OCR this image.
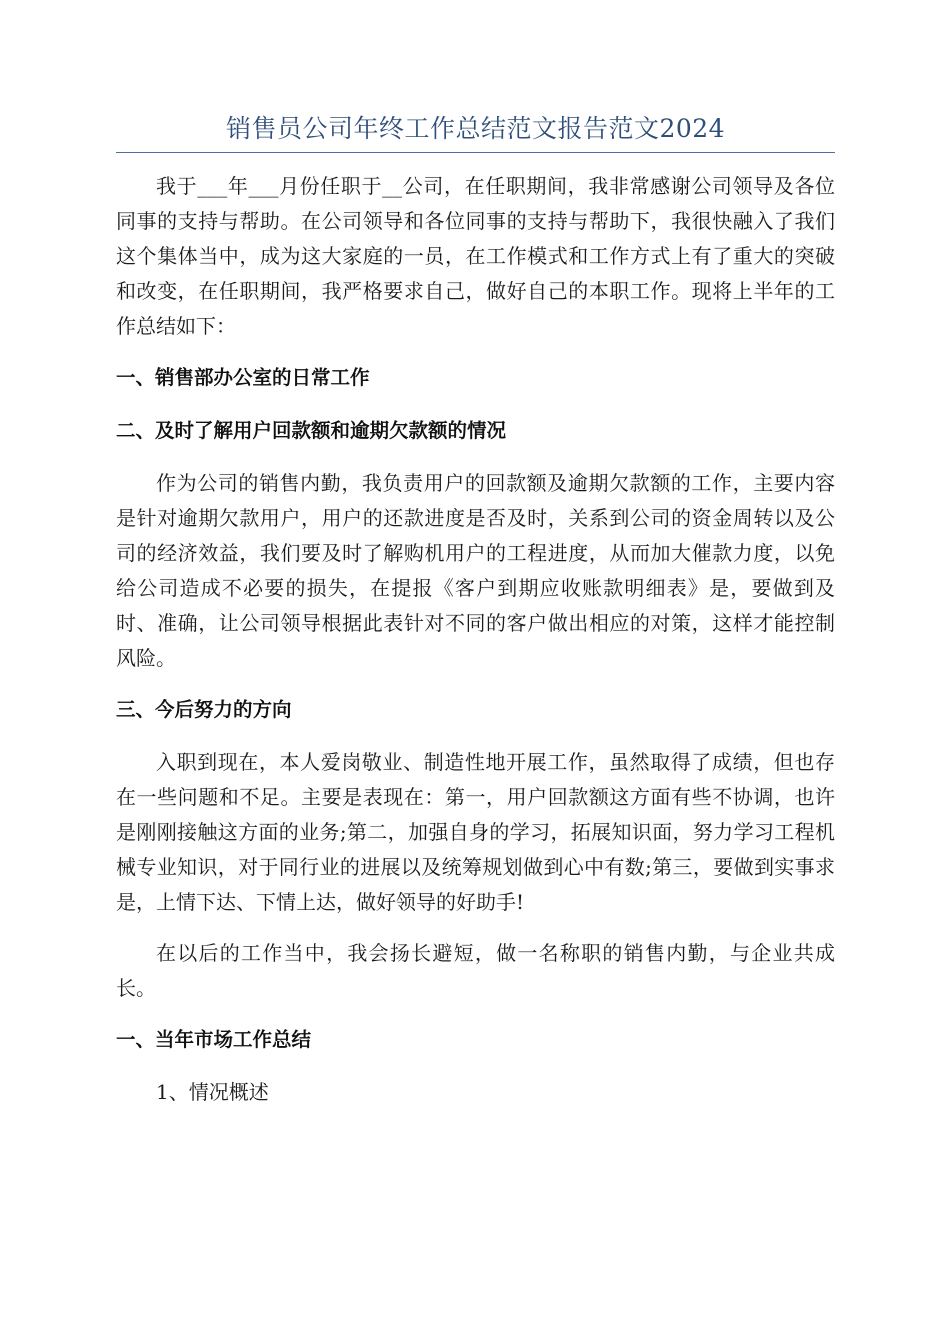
销售员公司年终工作总结范文报告范文2024

我于___年___月份任职于__公司，在任职期间，我非常感谢公司领导及各位同事的支持与帮助。在公司领导和各位同事的支持与帮助下，我很快融入了我们这个集体当中，成为这大家庭的一员，在工作模式和工作方式上有了重大的突破和改变，在任职期间，我严格要求自己，做好自己的本职工作。现将上半年的工作总结如下：

一、销售部办公室的日常工作
二、及时了解用户回款额和逾期欠款额的情况

作为公司的销售内勤，我负责用户的回款额及逾期欠款额的工作，主要内容是针对逾期欠款用户，用户的还款进度是否及时，关系到公司的资金周转以及公司的经济效益，我们要及时了解购机用户的工程进度，从而加大催款力度，以免给公司造成不必要的损失，在提报《客户到期应收账款明细表》是，要做到及时、准确，让公司领导根据此表针对不同的客户做出相应的对策，这样才能控制风险。

三、今后努力的方向

入职到现在，本人爱岗敬业、制造性地开展工作，虽然取得了成绩，但也存在一些问题和不足。主要是表现在：第一，用户回款额这方面有些不协调，也许是刚刚接触这方面的业务;第二，加强自身的学习，拓展知识面，努力学习工程机械专业知识，对于同行业的进展以及统筹规划做到心中有数;第三，要做到实事求是，上情下达、下情上达，做好领导的好助手!

在以后的工作当中，我会扬长避短，做一名称职的销售内勤，与企业共成长。

一、当年市场工作总结

1、情况概述
